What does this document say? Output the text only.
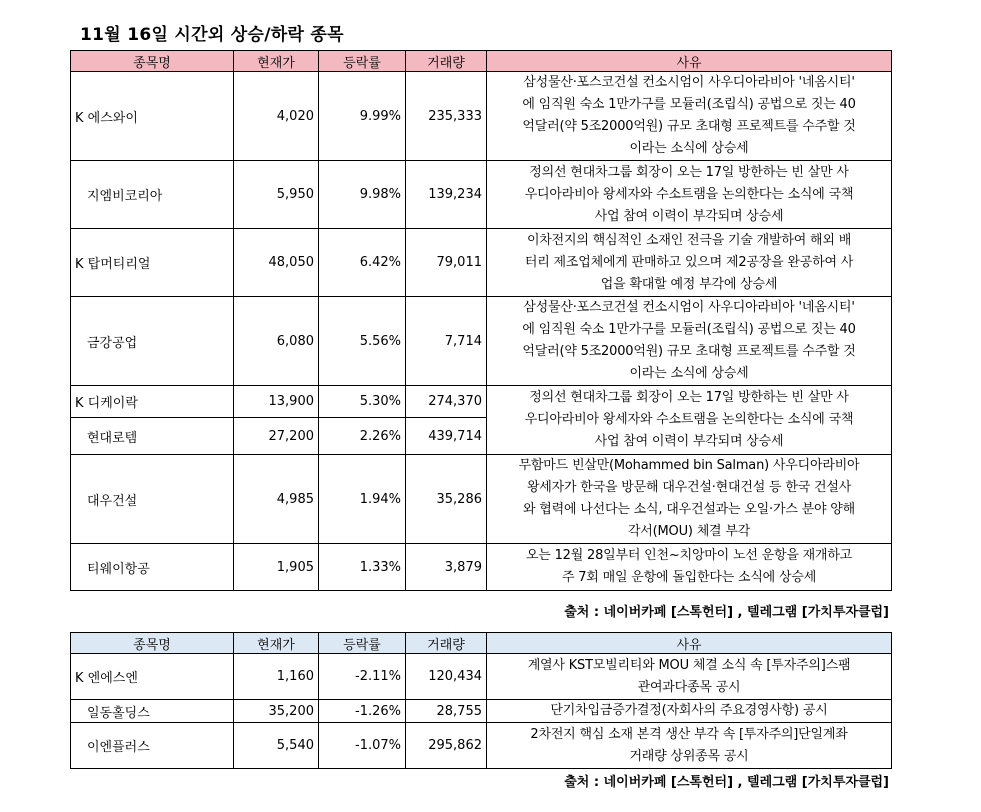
11월 16일 시간외 상승/하락 종목
종목명	현재가	등락률	거래량	사유
K 에스와이	4,020	9.99%	235,333	삼성물산·포스코건설 컨소시엄이 사우디아라비아 '네옴시티'
에 임직원 숙소 1만가구를 모듈러(조립식) 공법으로 짓는 40
억달러(약 5조2000억원) 규모 초대형 프로젝트를 수주할 것
이라는 소식에 상승세

지엠비코리아	5,950	9.98%	139,234	정의선 현대차그룹 회장이 오는 17일 방한하는 빈 살만 사
우디아라비아 왕세자와 수소트램을 논의한다는 소식에 국책
사업 참여 이력이 부각되며 상승세

K 탑머티리얼	48,050	6.42%	79,011	이차전지의 핵심적인 소재인 전극을 기술 개발하여 해외 배
터리 제조업체에게 판매하고 있으며 제2공장을 완공하여 사
업을 확대할 예정 부각에 상승세

금강공업	6,080	5.56%	7,714	삼성물산·포스코건설 컨소시엄이 사우디아라비아 '네옴시티'
에 임직원 숙소 1만가구를 모듈러(조립식) 공법으로 짓는 40
억달러(약 5조2000억원) 규모 초대형 프로젝트를 수주할 것
이라는 소식에 상승세

K 디케이락	13,900	5.30%	274,370	정의선 현대차그룹 회장이 오는 17일 방한하는 빈 살만 사
우디아라비아 왕세자와 수소트램을 논의한다는 소식에 국책
사업 참여 이력이 부각되며 상승세

현대로템	27,200	2.26%	439,714	
대우건설	4,985	1.94%	35,286	무함마드 빈살만(Mohammed bin Salman) 사우디아라비아
왕세자가 한국을 방문해 대우건설·현대건설 등 한국 건설사
와 협력에 나선다는 소식, 대우건설과는 오일·가스 분야 양해
각서(MOU) 체결 부각

티웨이항공	1,905	1.33%	3,879	오는 12월 28일부터 인천~치앙마이 노선 운항을 재개하고
주 7회 매일 운항에 돌입한다는 소식에 상승세
출처 : 네이버카페 [스톡헌터] , 텔레그램 [가치투자클럽]
종목명	현재가	등락률	거래량	사유
K 엔에스엔	1,160	-2.11%	120,434	계열사 KST모빌리티와 MOU 체결 소식 속 [투자주의]스팸
관여과다종목 공시

일동홀딩스	35,200	-1.26%	28,755	단기차입금증가결정(자회사의 주요경영사항) 공시

이엔플러스	5,540	-1.07%	295,862	2차전지 핵심 소재 본격 생산 부각 속 [투자주의]단일계좌
거래량 상위종목 공시
출처 : 네이버카페 [스톡헌터] , 텔레그램 [가치투자클럽]
